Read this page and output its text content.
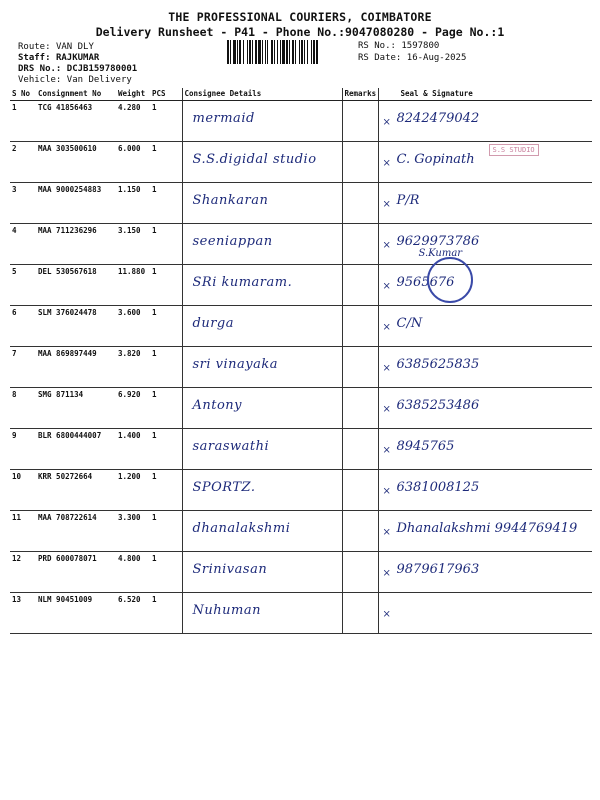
THE PROFESSIONAL COURIERS, COIMBATORE
Delivery Runsheet - P41 - Phone No.:9047080280 - Page No.:1
Route: VAN DLY
Staff: RAJKUMAR
DRS No.: DCJB159780001
Vehicle: Van Delivery
RS No.: 1597800
RS Date: 16-Aug-2025
S No	Consignment No	Weight	PCS	Consignee Details	Remarks	Seal & Signature
1	TCG 41856463	4.280	1	mermaid		× 8242479042

2	MAA 303500610	6.000	1	S.S.digidal studio		× C. Gopinath
S.S STUDIO

3	MAA 9000254883	1.150	1	Shankaran		× P/R

4	MAA 711236296	3.150	1	seeniappan		× 9629973786
S.Kumar

5	DEL 530567618	11.880	1	SRi kumaram.		× 9565676

6	SLM 376024478	3.600	1	durga		× C/N

7	MAA 869897449	3.820	1	sri vinayaka		× 6385625835

8	SMG 871134	6.920	1	Antony		× 6385253486

9	BLR 6800444007	1.400	1	saraswathi		× 8945765

10	KRR 50272664	1.200	1	SPORTZ.		× 6381008125

11	MAA 708722614	3.300	1	dhanalakshmi		× Dhanalakshmi 9944769419

12	PRD 600078071	4.800	1	Srinivasan		× 9879617963

13	NLM 90451009	6.520	1	Nuhuman		×
